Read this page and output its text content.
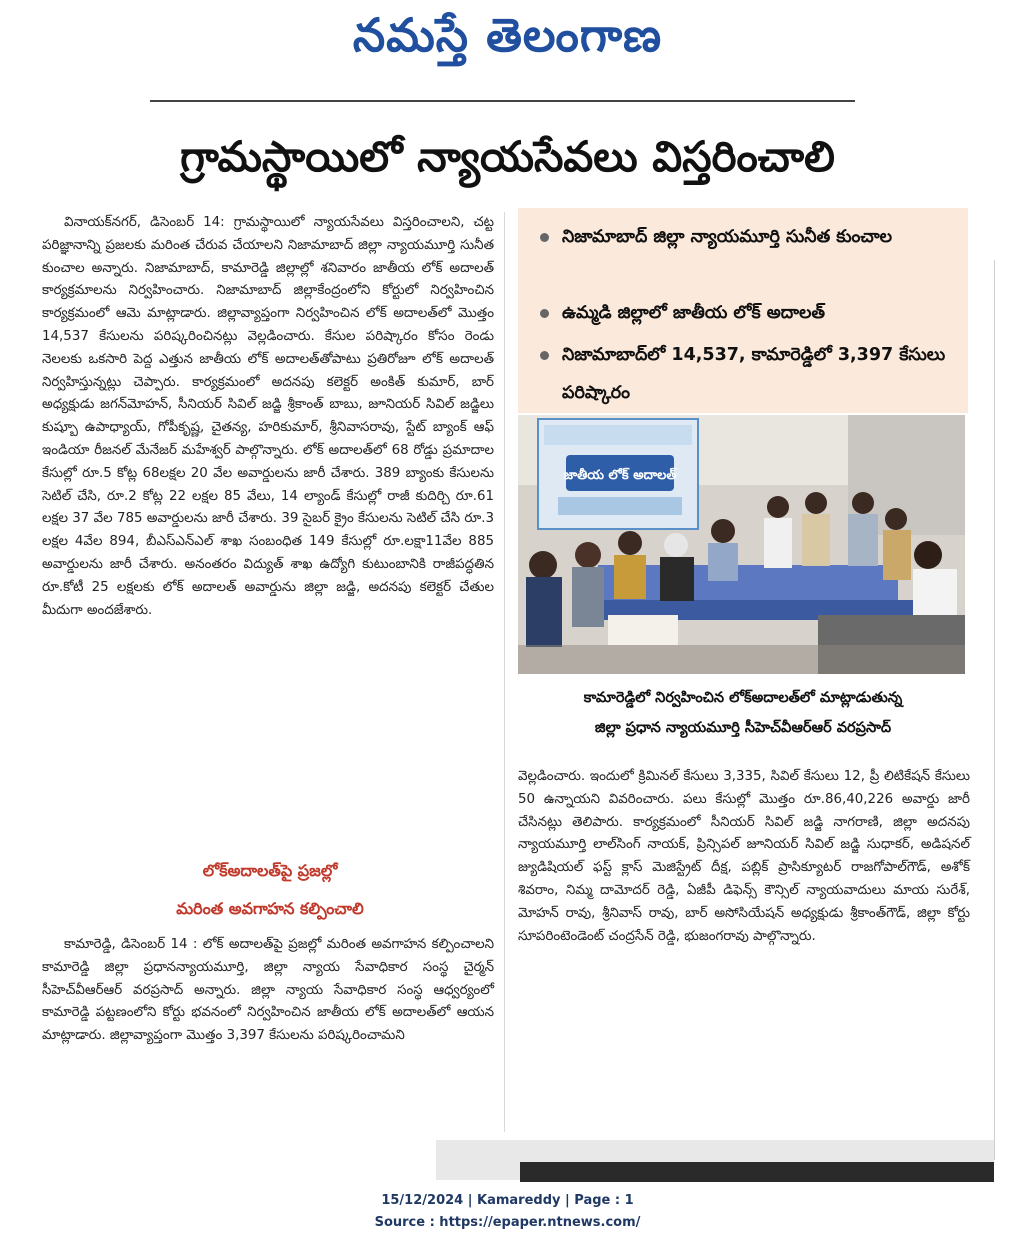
నమస్తే తెలంగాణ
గ్రామస్థాయిలో న్యాయసేవలు విస్తరించాలి

వినాయక్‌నగర్, డిసెంబర్ 14: గ్రామస్థాయిలో న్యాయసేవలు విస్తరించాలని, చట్ట పరిజ్ఞానాన్ని ప్రజలకు మరింత చేరువ చేయాలని నిజామాబాద్ జిల్లా న్యాయమూర్తి సునీత కుంచాల అన్నారు. నిజామాబాద్, కామారెడ్డి జిల్లాల్లో శనివారం జాతీయ లోక్ అదాలత్ కార్యక్రమాలను నిర్వహించారు. నిజామాబాద్ జిల్లాకేంద్రంలోని కోర్టులో నిర్వహించిన కార్యక్రమంలో ఆమె మాట్లాడారు. జిల్లావ్యాప్తంగా నిర్వహించిన లోక్ అదాలత్‌లో మొత్తం 14,537 కేసులను పరిష్కరించినట్లు వెల్లడించారు. కేసుల పరిష్కారం కోసం రెండు నెలలకు ఒకసారి పెద్ద ఎత్తున జాతీయ లోక్ అదాలత్‌తోపాటు ప్రతిరోజూ లోక్ అదాలత్ నిర్వహిస్తున్నట్లు చెప్పారు. కార్యక్రమంలో అదనపు కలెక్టర్ అంకిత్ కుమార్, బార్ అధ్యక్షుడు జగన్‌మోహన్, సీనియర్ సివిల్ జడ్జి శ్రీకాంత్ బాబు, జూనియర్ సివిల్ జడ్జిలు కుష్బూ ఉపాధ్యాయ్, గోపీకృష్ణ, చైతన్య, హరికుమార్, శ్రీనివాసరావు, స్టేట్ బ్యాంక్ ఆఫ్ ఇండియా రీజనల్ మేనేజర్ మహేశ్వర్ పాల్గొన్నారు. లోక్ అదాలత్‌లో 68 రోడ్డు ప్రమాదాల కేసుల్లో రూ.5 కోట్ల 68లక్షల 20 వేల అవార్డులను జారీ చేశారు. 389 బ్యాంకు కేసులను సెటిల్ చేసి, రూ.2 కోట్ల 22 లక్షల 85 వేలు, 14 ల్యాండ్ కేసుల్లో రాజీ కుదిర్చి రూ.61 లక్షల 37 వేల 785 అవార్డులను జారీ చేశారు. 39 సైబర్ క్రైం కేసులను సెటిల్ చేసి రూ.3 లక్షల 4వేల 894, బీఎస్‌ఎన్‌ఎల్ శాఖ సంబంధిత 149 కేసుల్లో రూ.లక్షా11వేల 885 అవార్డులను జారీ చేశారు. అనంతరం విద్యుత్ శాఖ ఉద్యోగి కుటుంబానికి రాజీపద్ధతిన రూ.కోటీ 25 లక్షలకు లోక్ అదాలత్ అవార్డును జిల్లా జడ్జి, అదనపు కలెక్టర్ చేతుల మీదుగా అందజేశారు.

లోక్‌అదాలత్‌పై ప్రజల్లో
మరింత అవగాహన కల్పించాలి

కామారెడ్డి, డిసెంబర్ 14 : లోక్ అదాలత్‌పై ప్రజల్లో మరింత అవగాహన కల్పించాలని కామారెడ్డి జిల్లా ప్రధానన్యాయమూర్తి, జిల్లా న్యాయ సేవాధికార సంస్థ చైర్మన్ సీహెచ్‌వీఆర్‌ఆర్ వరప్రసాద్ అన్నారు. జిల్లా న్యాయ సేవాధికార సంస్థ ఆధ్వర్యంలో కామారెడ్డి పట్టణంలోని కోర్టు భవనంలో నిర్వహించిన జాతీయ లోక్ అదాలత్‌లో ఆయన మాట్లాడారు. జిల్లావ్యాప్తంగా మొత్తం 3,397 కేసులను పరిష్కరించామని

నిజామాబాద్ జిల్లా న్యాయమూర్తి సునీత కుంచాల
ఉమ్మడి జిల్లాలో జాతీయ లోక్ అదాలత్
నిజామాబాద్‌లో 14,537, కామారెడ్డిలో 3,397 కేసులు పరిష్కారం
జాతీయ లోక్ అదాలత్
కామారెడ్డిలో నిర్వహించిన లోక్‌అదాలత్‌లో మాట్లాడుతున్న
జిల్లా ప్రధాన న్యాయమూర్తి సీహెచ్‌వీఆర్‌ఆర్ వరప్రసాద్

వెల్లడించారు. ఇందులో క్రిమినల్ కేసులు 3,335, సివిల్ కేసులు 12, ప్రీ లిటికేషన్ కేసులు 50 ఉన్నాయని వివరించారు. పలు కేసుల్లో మొత్తం రూ.86,40,226 అవార్డు జారీ చేసినట్లు తెలిపారు. కార్యక్రమంలో సీనియర్ సివిల్ జడ్జి నాగరాణి, జిల్లా అదనపు న్యాయమూర్తి లాల్‌సింగ్ నాయక్, ప్రిన్సిపల్ జూనియర్ సివిల్ జడ్జి సుధాకర్, అడిషనల్ జ్యుడిషియల్ ఫస్ట్ క్లాస్ మెజిస్ట్రేట్ దీక్ష, పబ్లిక్ ప్రాసిక్యూటర్ రాజగోపాల్‌గౌడ్, అశోక్ శివరాం, నిమ్మ దామోదర్ రెడ్డి, ఏజీపీ డిఫెన్స్ కౌన్సిల్ న్యాయవాదులు మాయ సురేశ్, మోహన్ రావు, శ్రీనివాస్ రావు, బార్ అసోసియేషన్ అధ్యక్షుడు శ్రీకాంత్‌గౌడ్, జిల్లా కోర్టు సూపరింటెండెంట్ చంద్రసేన్ రెడ్డి, భుజంగరావు పాల్గొన్నారు.

15/12/2024 | Kamareddy | Page : 1
Source : https://epaper.ntnews.com/
